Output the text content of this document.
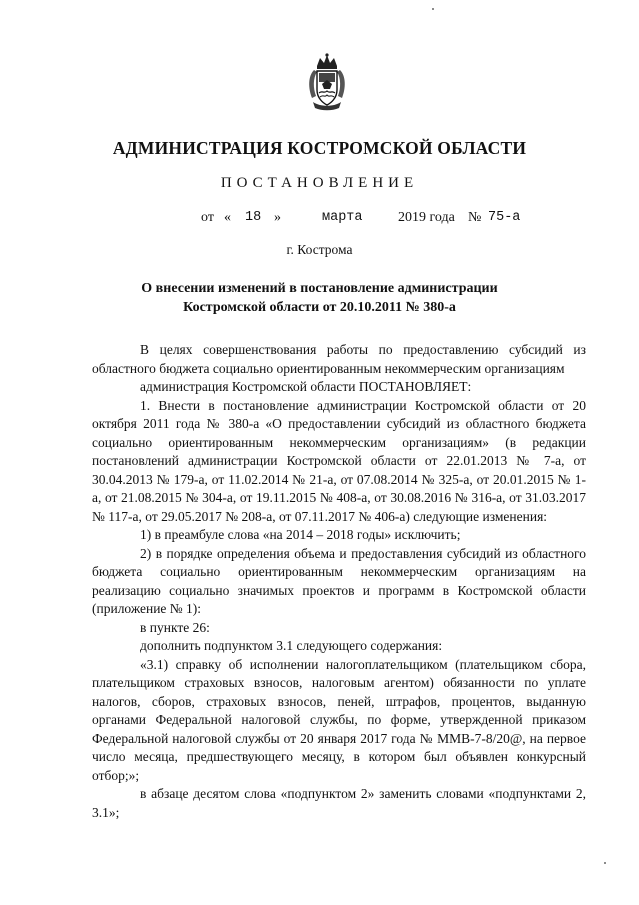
АДМИНИСТРАЦИЯ КОСТРОМСКОЙ ОБЛАСТИ
ПОСТАНОВЛЕНИЕ
от « 18 »	марта	2019 года № 75-а
г. Кострома
О внесении изменений в постановление администрации
Костромской области от 20.10.2011 № 380-а

В целях совершенствования работы по предоставлению субсидий из областного бюджета социально ориентированным некоммерческим организациям

администрация Костромской области ПОСТАНОВЛЯЕТ:

1. Внести в постановление администрации Костромской области от 20 октября 2011 года № 380-а «О предоставлении субсидий из областного бюджета социально ориентированным некоммерческим организациям» (в редакции постановлений администрации Костромской области от 22.01.2013 № 7-а, от 30.04.2013 № 179-а, от 11.02.2014 № 21-а, от 07.08.2014 № 325-а, от 20.01.2015 № 1-а, от 21.08.2015 № 304-а, от 19.11.2015 № 408-а, от 30.08.2016 № 316-а, от 31.03.2017 № 117-а, от 29.05.2017 № 208-а, от 07.11.2017 № 406-а) следующие изменения:

1) в преамбуле слова «на 2014 – 2018 годы» исключить;

2) в порядке определения объема и предоставления субсидий из областного бюджета социально ориентированным некоммерческим организациям на реализацию социально значимых проектов и программ в Костромской области (приложение № 1):

в пункте 26:

дополнить подпунктом 3.1 следующего содержания:

«3.1) справку об исполнении налогоплательщиком (плательщиком сбора, плательщиком страховых взносов, налоговым агентом) обязанности по уплате налогов, сборов, страховых взносов, пеней, штрафов, процентов, выданную органами Федеральной налоговой службы, по форме, утвержденной приказом Федеральной налоговой службы от 20 января 2017 года № ММВ-7-8/20@, на первое число месяца, предшествующего месяцу, в котором был объявлен конкурсный отбор;»;

в абзаце десятом слова «подпунктом 2» заменить словами «подпунктами 2, 3.1»;
